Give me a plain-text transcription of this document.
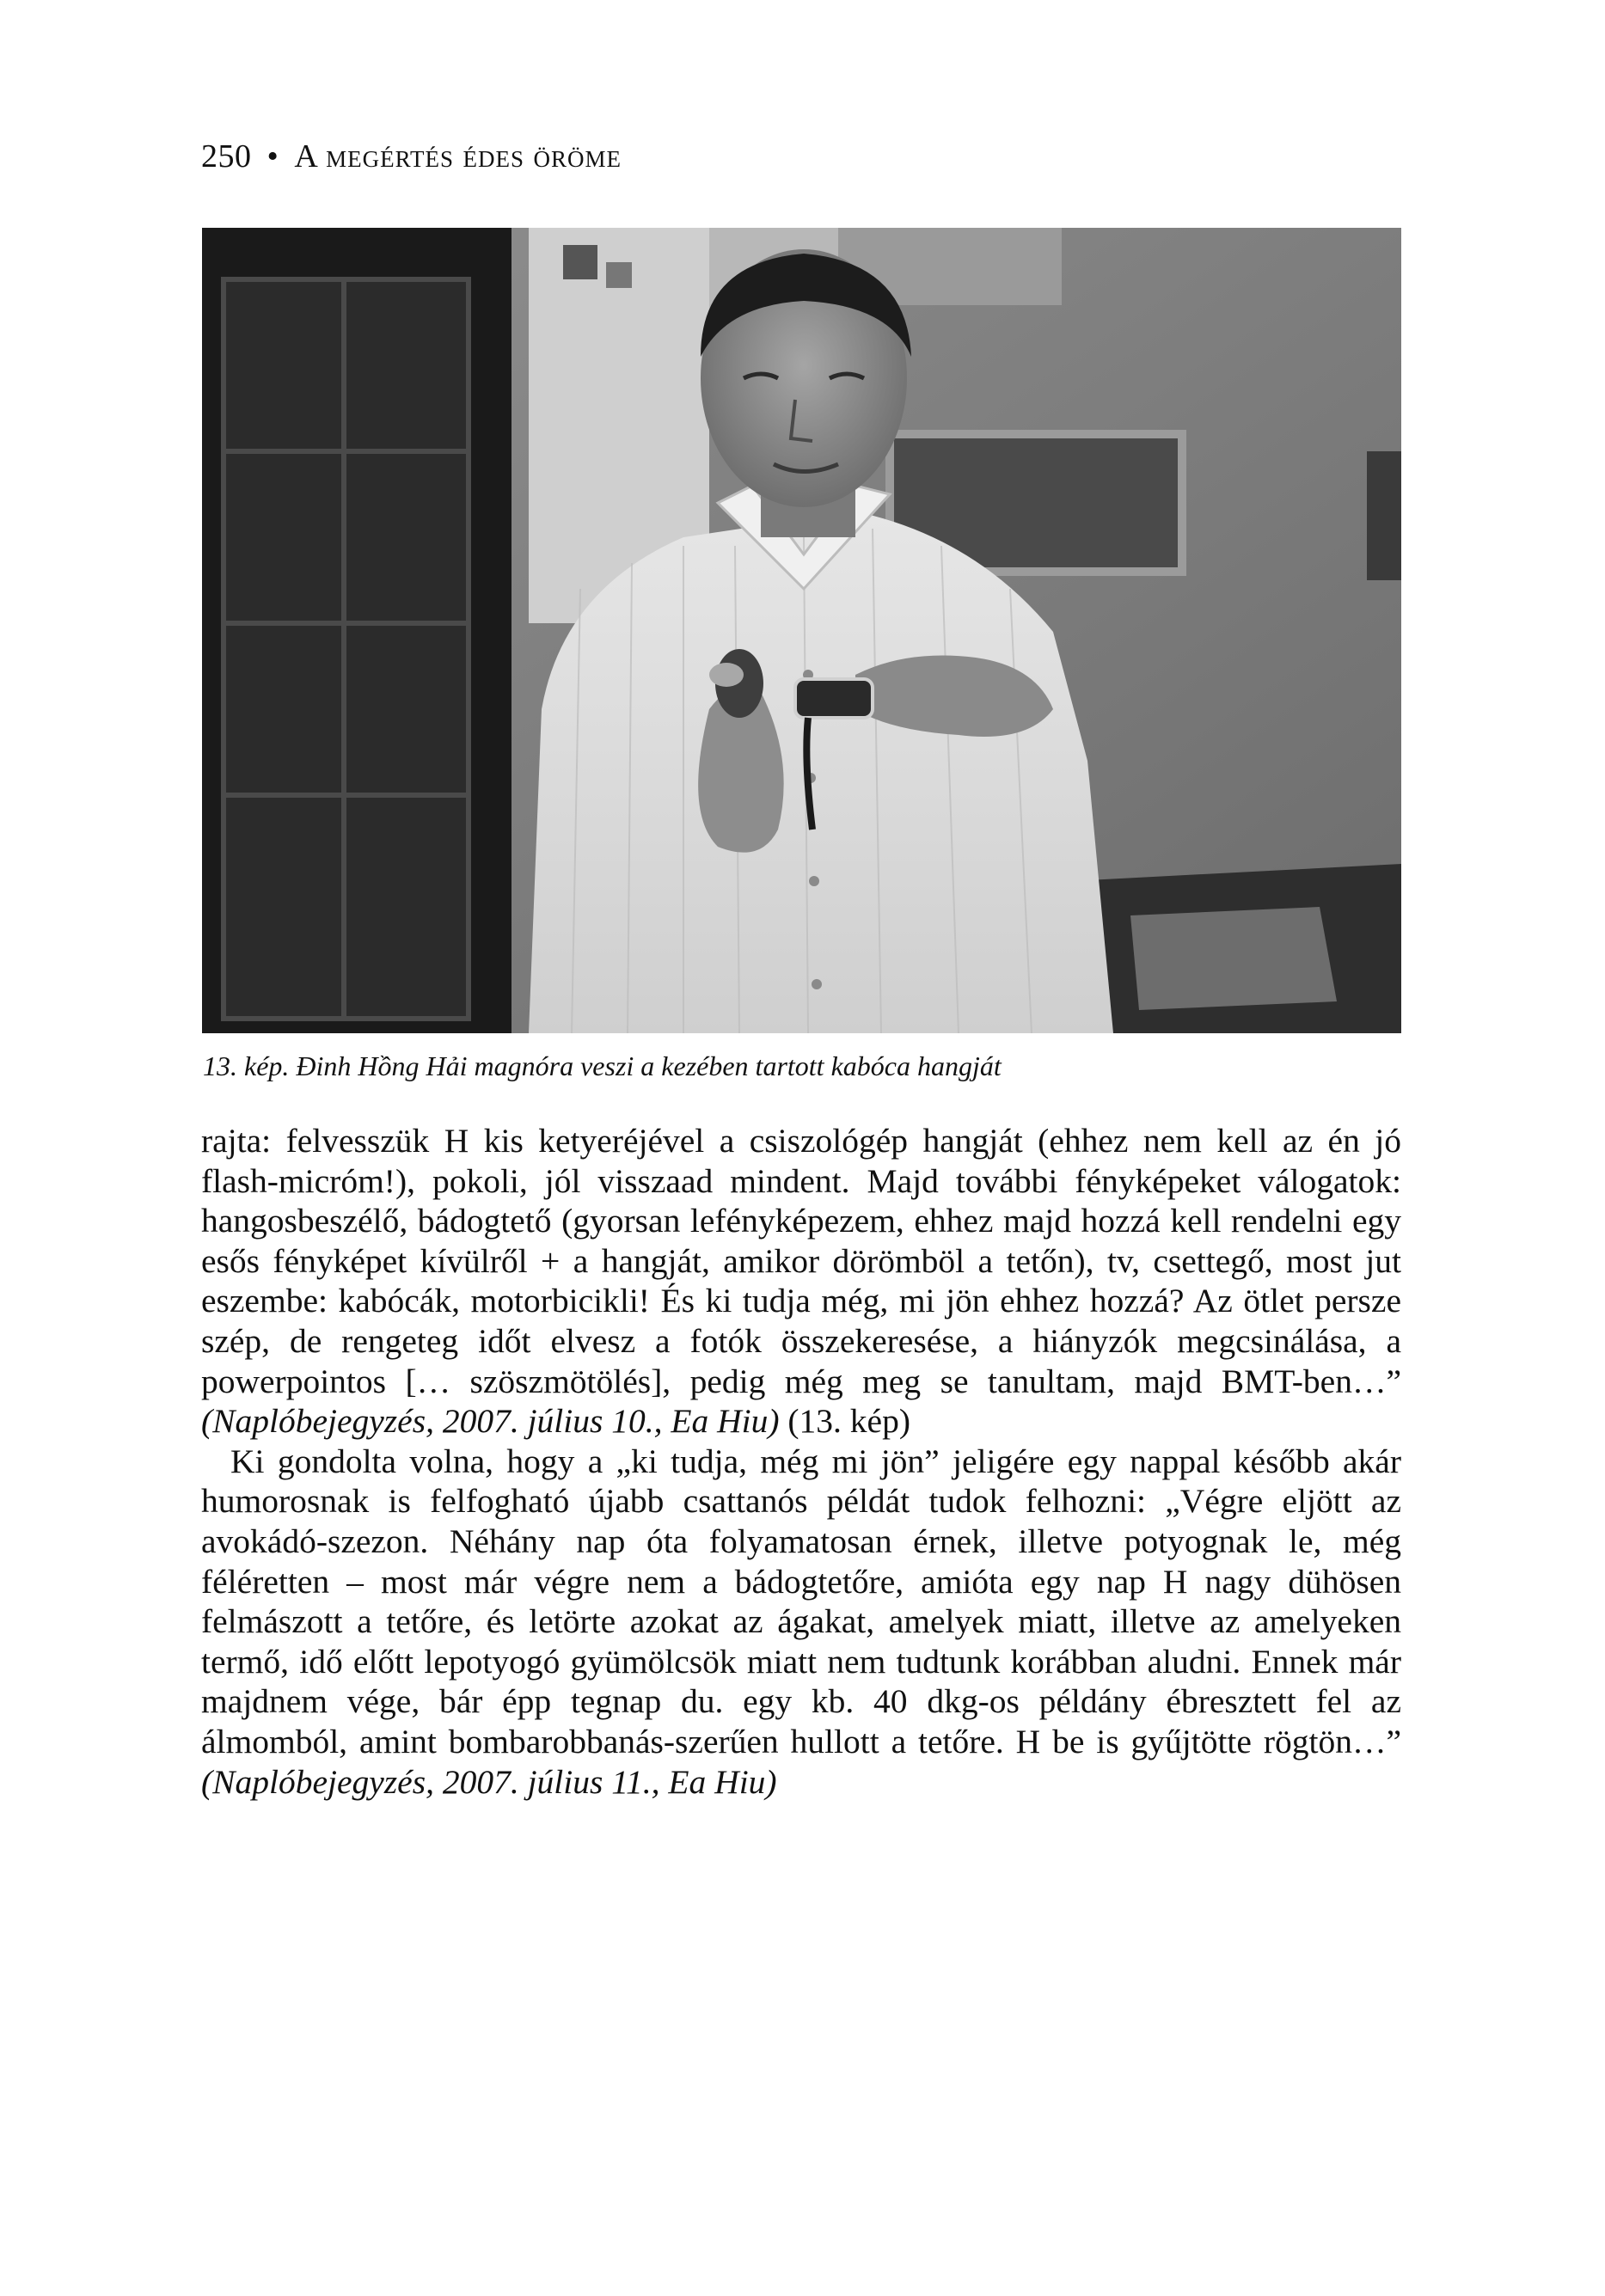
250 • A megértés édes öröme
13. kép. Đinh Hồng Hải magnóra veszi a kezében tartott kabóca hangját

rajta: felvesszük H kis ketyeréjével a csiszológép hangját (ehhez nem kell az én jó flash-micróm!), pokoli, jól visszaad mindent. Majd további fényképeket válogatok: hangosbeszélő, bádogtető (gyorsan lefényképezem, ehhez majd hozzá kell rendelni egy esős fényképet kívülről + a hangját, amikor dörömböl a tetőn), tv, csettegő, most jut eszembe: kabócák, motorbicikli! És ki tudja még, mi jön ehhez hozzá? Az ötlet persze szép, de rengeteg időt elvesz a fotók összekeresése, a hiányzók megcsinálása, a powerpointos [… szöszmötölés], pedig még meg se tanultam, majd BMT-ben…” (Naplóbejegyzés, 2007. július 10., Ea Hiu) (13. kép)

Ki gondolta volna, hogy a „ki tudja, még mi jön” jeligére egy nappal később akár humorosnak is felfogható újabb csattanós példát tudok felhozni: „Végre eljött az avokádó-szezon. Néhány nap óta folyamatosan érnek, illetve potyognak le, még féléretten – most már végre nem a bádogtetőre, amióta egy nap H nagy dühösen felmászott a tetőre, és letörte azokat az ágakat, amelyek miatt, illetve az amelyeken termő, idő előtt lepotyogó gyümölcsök miatt nem tudtunk korábban aludni. Ennek már majdnem vége, bár épp tegnap du. egy kb. 40 dkg-os példány ébresztett fel az álmomból, amint bombarobbanás-szerűen hullott a tetőre. H be is gyűjtötte rögtön…” (Naplóbejegyzés, 2007. július 11., Ea Hiu)
